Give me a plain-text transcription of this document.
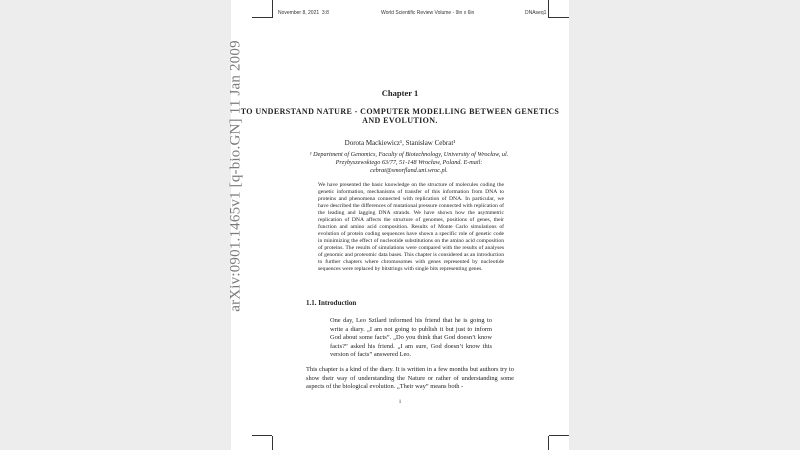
November 8, 2021 3:8	World Scientific Review Volume - 9in x 6in	DNAseq1
arXiv:0901.1465v1 [q-bio.GN] 11 Jan 2009	Chapter 1
TO UNDERSTAND NATURE - COMPUTER MODELLING BETWEEN GENETICS AND EVOLUTION.
Dorota Mackiewicz¹, Stanisław Cebrat¹
¹ Department of Genomics, Faculty of Biotechnology, University of Wrocław, ul. Przybyszewskiego 63/77, 51-148 Wrocław, Poland. E-mail: cebrat@smorfland.uni.wroc.pl.
We have presented the basic knowledge on the structure of molecules coding the genetic information, mechanisms of transfer of this information from DNA to proteins and phenomena connected with replication of DNA. In particular, we have described the differences of mutational pressure connected with replication of the leading and lagging DNA strands. We have shown how the asymmetric replication of DNA affects the structure of genomes, positions of genes, their function and amino acid composition. Results of Monte Carlo simulations of evolution of protein coding sequences have shown a specific role of genetic code in minimizing the effect of nucleotide substitutions on the amino acid composition of proteins. The results of simulations were compared with the results of analyses of genomic and proteomic data bases. This chapter is considered as an introduction to further chapters where chromosomes with genes represented by nucleotide sequences were replaced by bitstrings with single bits representing genes.
1.1. Introduction
One day, Leo Szilard informed his friend that he is going to write a diary. „I am not going to publish it but just to inform God about some facts”. „Do you think that God doesn’t know facts?” asked his friend. „I am sure, God doesn’t know this version of facts” answered Leo.
This chapter is a kind of the diary. It is written in a few months but authors try to show their way of understanding the Nature or rather of understanding some aspects of the biological evolution. „Their way” means both -
1
